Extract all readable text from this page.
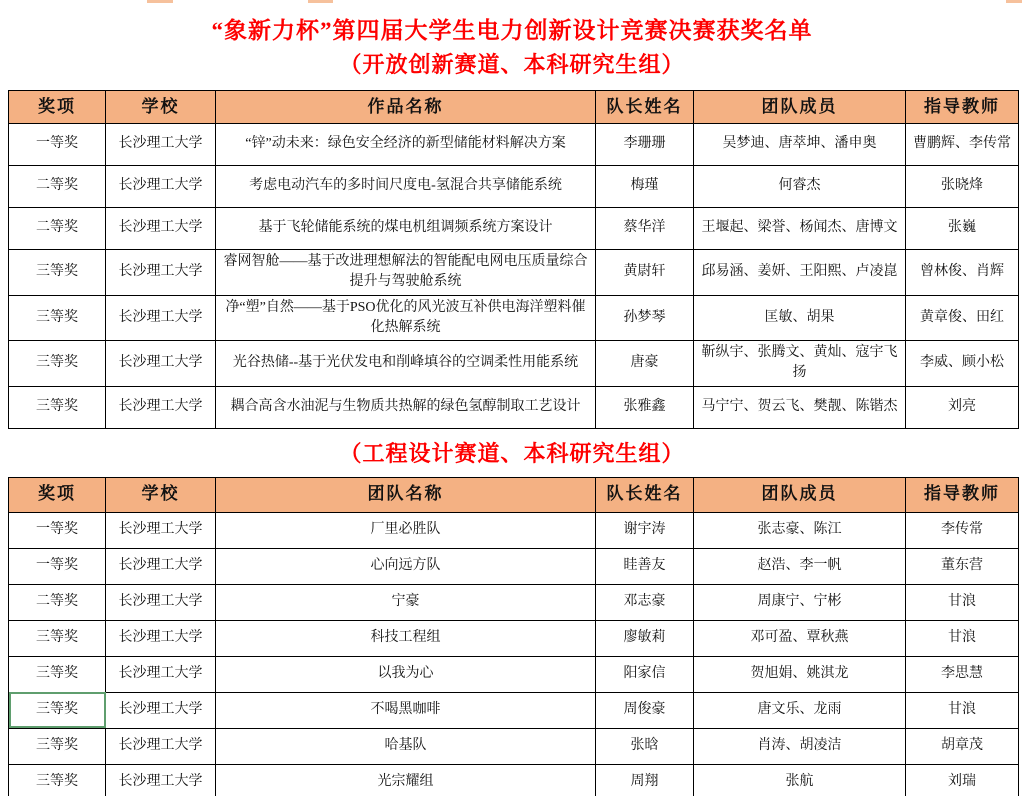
“象新力杯”第四届大学生电力创新设计竞赛决赛获奖名单
（开放创新赛道、本科研究生组）
奖项	学校	作品名称	队长姓名	团队成员	指导教师
一等奖	长沙理工大学	“锌”动未来：绿色安全经济的新型储能材料解决方案	李珊珊	吴梦迪、唐萃坤、潘申奥	曹鹏辉、李传常
二等奖	长沙理工大学	考虑电动汽车的多时间尺度电-氢混合共享储能系统	梅瑾	何睿杰	张晓烽
二等奖	长沙理工大学	基于飞轮储能系统的煤电机组调频系统方案设计	蔡华洋	王堰起、梁誉、杨闻杰、唐博文	张巍
三等奖	长沙理工大学	睿网智舱——基于改进理想解法的智能配电网电压质量综合提升与驾驶舱系统	黄尉轩	邱易涵、姜妍、王阳熙、卢凌崑	曾林俊、肖辉
三等奖	长沙理工大学	净“塑”自然——基于PSO优化的风光波互补供电海洋塑料催化热解系统	孙梦琴	匡敏、胡果	黄章俊、田红
三等奖	长沙理工大学	光谷热储--基于光伏发电和削峰填谷的空调柔性用能系统	唐豪	靳纵宇、张腾文、黄灿、寇宇飞扬	李威、顾小松
三等奖	长沙理工大学	耦合高含水油泥与生物质共热解的绿色氢醇制取工艺设计	张雅鑫	马宁宁、贺云飞、樊靓、陈锴杰	刘亮
（工程设计赛道、本科研究生组）
奖项	学校	团队名称	队长姓名	团队成员	指导教师
一等奖	长沙理工大学	厂里必胜队	谢宇涛	张志豪、陈江	李传常
一等奖	长沙理工大学	心向远方队	眭善友	赵浩、李一帆	董东营
二等奖	长沙理工大学	宁豪	邓志豪	周康宁、宁彬	甘浪
三等奖	长沙理工大学	科技工程组	廖敏莉	邓可盈、覃秋燕	甘浪
三等奖	长沙理工大学	以我为心	阳家信	贺旭娟、姚淇龙	李思慧
三等奖	长沙理工大学	不喝黑咖啡	周俊豪	唐文乐、龙雨	甘浪
三等奖	长沙理工大学	哈基队	张晗	肖涛、胡凌洁	胡章茂
三等奖	长沙理工大学	光宗耀组	周翔	张航	刘瑞
